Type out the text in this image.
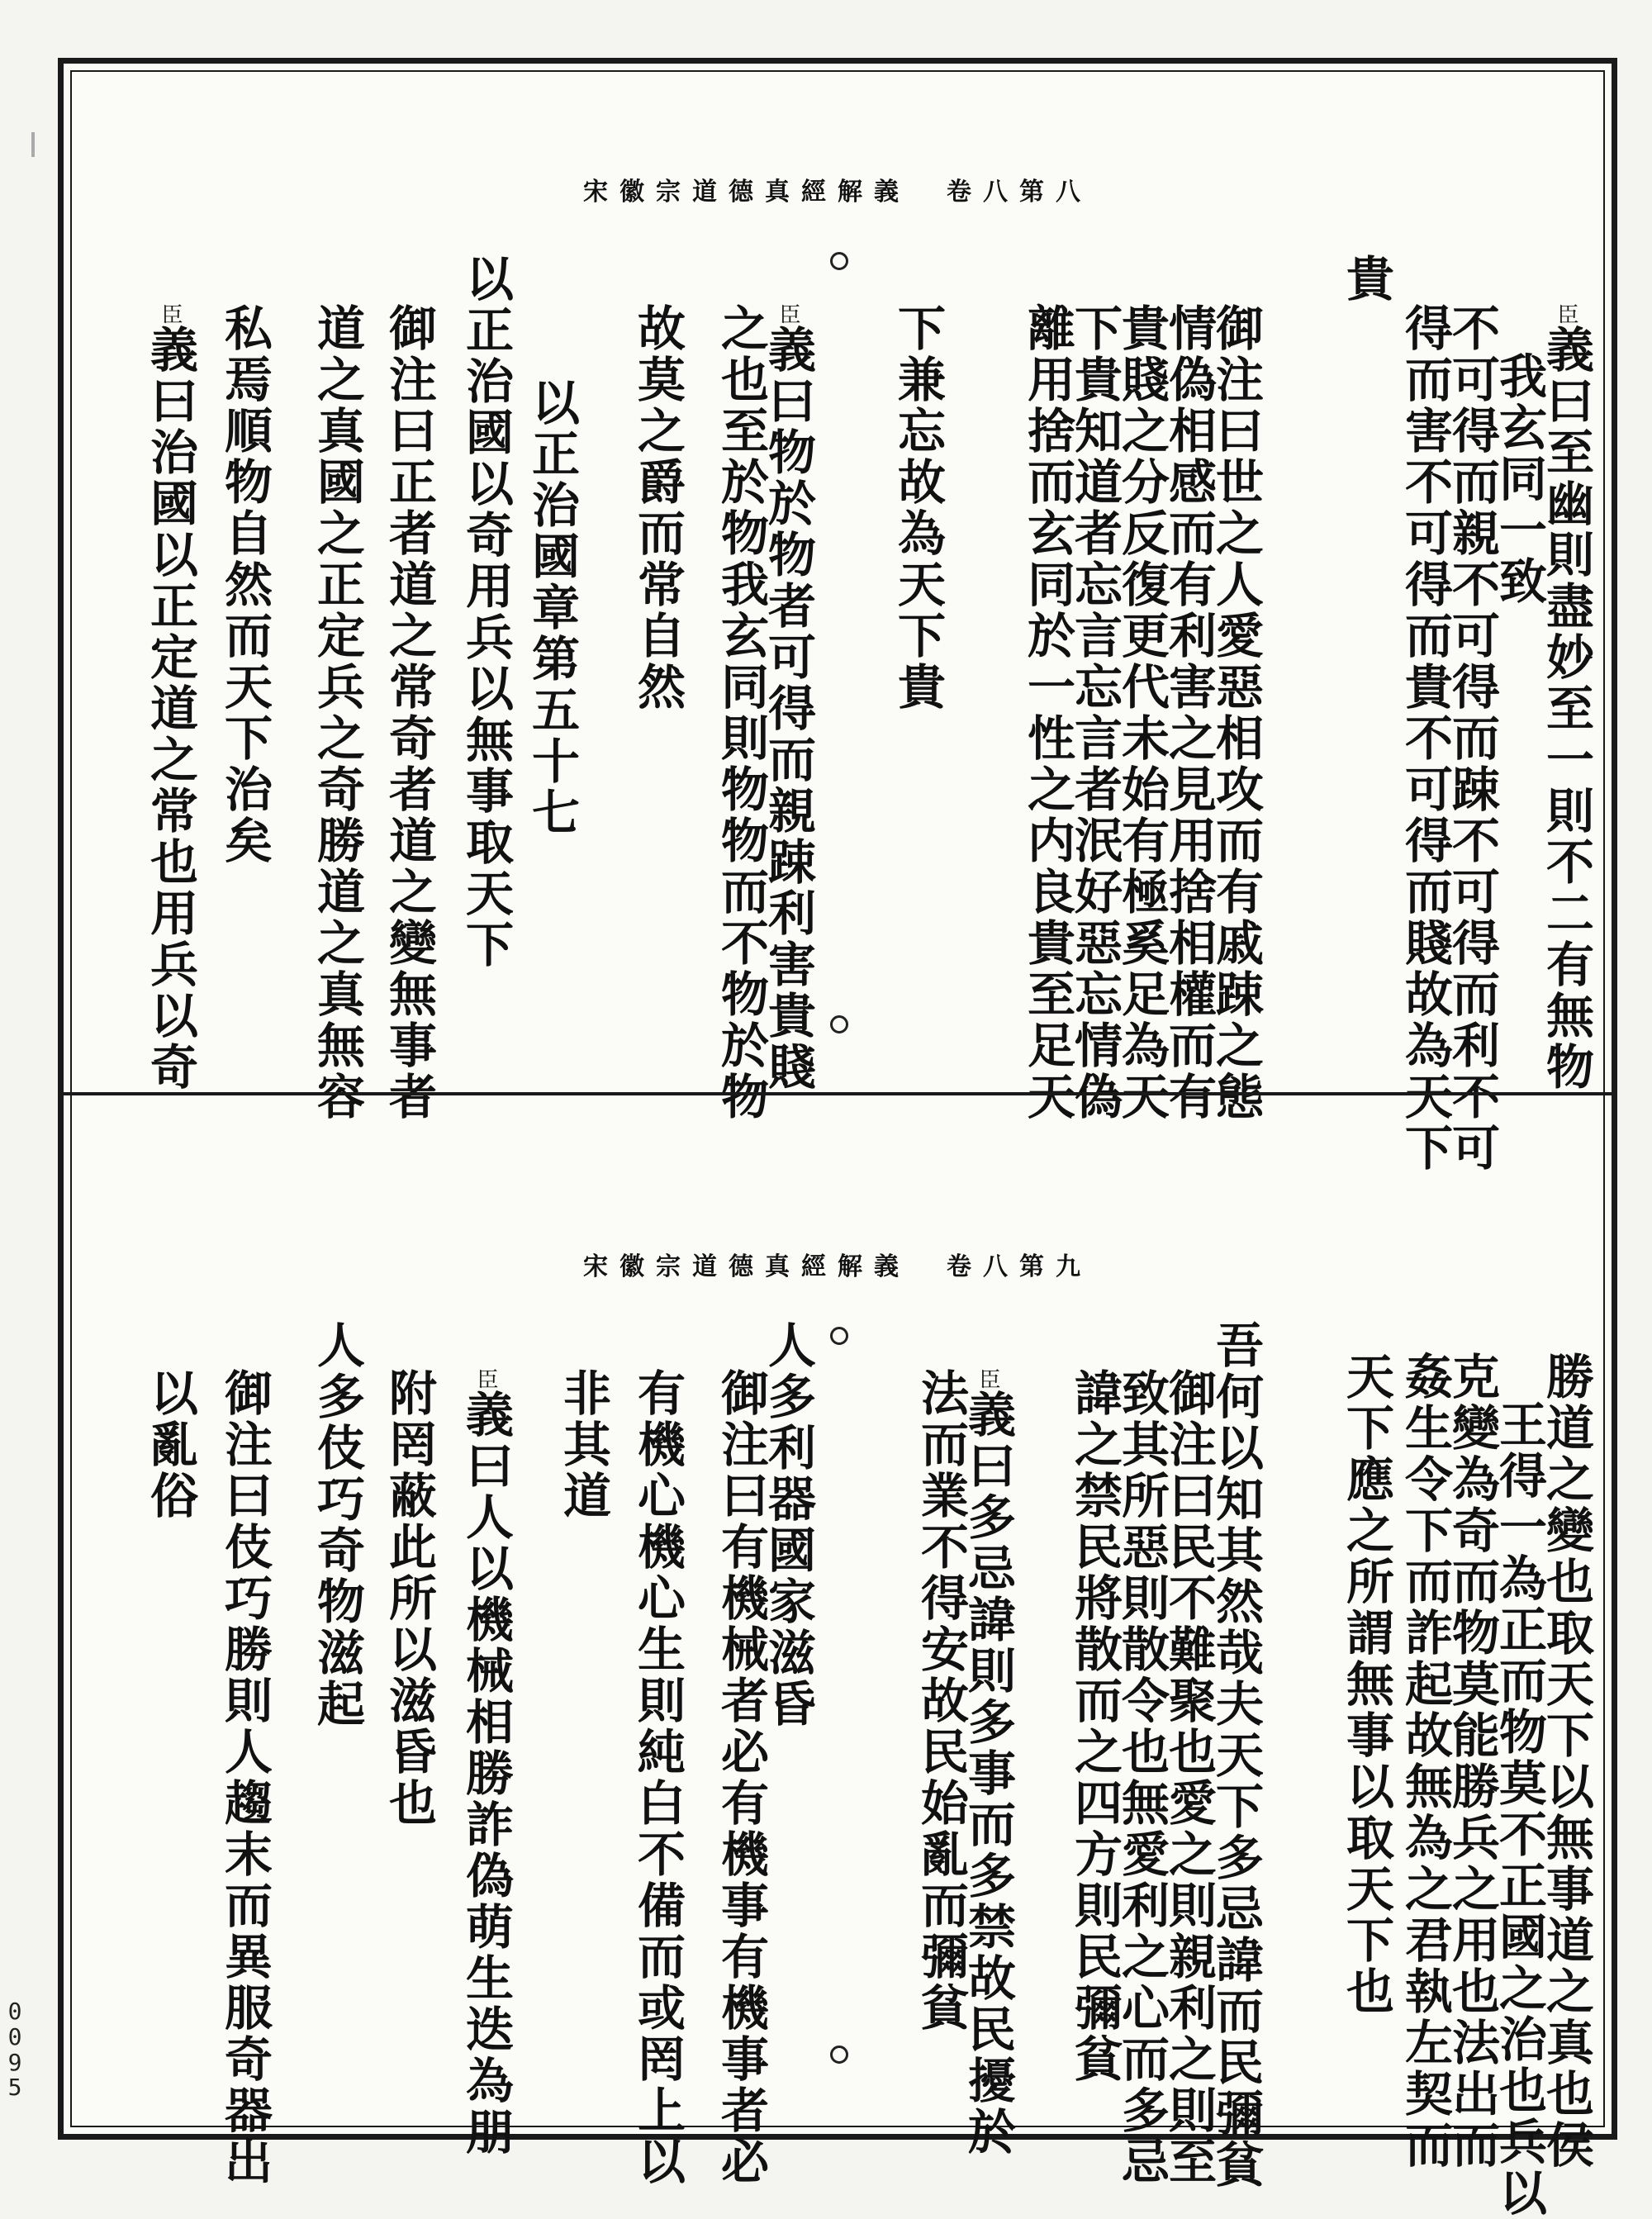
宋徽宗道德真經解義　卷八第八
臣義曰至幽則盡妙至一則不二有無物
我玄同一致
不可得而親不可得而踈不可得而利不可
得而害不可得而貴不可得而賤故為天下
貴
御注曰世之人愛惡相攻而有戚踈之態
情偽相感而有利害之見用捨相權而有
貴賤之分反復更代未始有極奚足為天
下貴知道者忘言忘言者泯好惡忘情偽
離用捨而玄同於一性之内良貴至足天
下兼忘故為天下貴
臣義曰物於物者可得而親踈利害貴賤
之也至於物我玄同則物物而不物於物
故莫之爵而常自然
以正治國章第五十七
以正治國以奇用兵以無事取天下
御注曰正者道之常奇者道之變無事者
道之真國之正定兵之奇勝道之真無容
私焉順物自然而天下治矣
臣義曰治國以正定道之常也用兵以奇
宋徽宗道德真經解義　卷八第九
勝道之變也取天下以無事道之真也侯
王得一為正而物莫不正國之治也兵以
克變為奇而物莫能勝兵之用也法出而
姦生令下而詐起故無為之君執左契而
天下應之所謂無事以取天下也
吾何以知其然哉夫天下多忌諱而民彌貧
御注曰民不難聚也愛之則親利之則至
致其所惡則散令也無愛利之心而多忌
諱之禁民將散而之四方則民彌貧
臣義曰多忌諱則多事而多禁故民擾於
法而業不得安故民始亂而彌貧
人多利器國家滋昏
御注曰有機械者必有機事有機事者必
有機心機心生則純白不備而或罔上以
非其道
臣義曰人以機械相勝詐偽萌生迭為朋
附罔蔽此所以滋昏也
人多伎巧奇物滋起
御注曰伎巧勝則人趨末而異服奇器出
以亂俗
0
0
9
5
